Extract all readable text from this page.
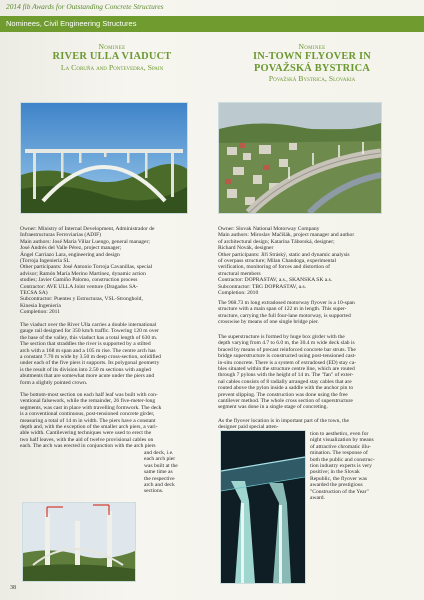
2014 fib Awards for Outstanding Concrete Structures
Nominees, Civil Engineering Structures
Nominee
RIVER ULLA VIADUCT
La Coruña and Pontevedra, Spain
Nominee
IN-TOWN FLYOVER IN
POVAŽSKÁ BYSTRICA
Považská Bystrica, Slovakia

Owner: Ministry of Internal Development, Administrador de
Infraestructuras Ferroviarias (ADIF)
Main authors: José María Villar Luengo, general manager;
José Andrés del Valle Pérez, project manager;
Ángel Carriazo Lara, engineering and design
(Torroja Ingeniería SL
Other participants: José Antonio Torroja Cavanillas, special
advisor; Ramón María Merino Martínez, dynamic action
studies; Javier Gamiño Palomo, construction process
Contractor: AVE ULLA Joint venture (Dragados SA-
TECSA SA)
Subcontractor: Puentes y Estructuras, VSL-Stronghold,
Kinesia Ingeniería
Completion: 2011

The viaduct over the River Ulla carries a double international
gauge rail designed for 350 km/h traffic. Towering 120 m over
the base of the valley, this viaduct has a total length of 630 m.
The section that straddles the river is supported by a stilted
arch with a 168 m span and a 105 m rise. The centre arch has
a constant 7.70 m wide by 3.50 m deep cross-section, solidified
under each of the five piers it supports. Its polygonal geometry
is the result of its division into 2.50 m sections with angled
abutments that are somewhat more acute under the piers and
form a slightly pointed crown.

The bottom-most section on each half leaf was built with con-
ventional falsework, while the remainder, 26 five-meter-long
segments, was cast in place with travelling formwork. The deck
is a conventional continuous, post-tensioned concrete girder,
measuring a total of 14 m in width. The piers have a constant
depth and, with the exception of the smaller arch piers, a vari-
able width. Cantilevering techniques were used to erect the
two half leaves, with the aid of twelve provisional cables on
each. The arch was erected in conjunction with the arch piers

and deck, i.e.
each arch pier
was built at the
same time as
the respective
arch and deck
sections.

Owner: Slovak National Motorway Company
Main authors: Miroslav Mačišák, project manager and author
of architectural design; Katarína Táborská, designer;
Richard Novák, designer
Other participants: Jiří Stráský, static and dynamic analysis
of overpass structure; Milan Chandoga, experimental
verification, monitoring of forces and distortion of
structural members
Contractor: DOPRASTAV, a.s., SKANSKA SK a.s.
Subcontractor: TBG DOPRASTAV, a.s.
Completion: 2010

The 968.73 m long extradosed motorway flyover is a 10-span
structure with a main span of 122 m in length. This super-
structure, carrying the full four-lane motorway, is supported
crosswise by means of one single bridge pier.

The superstructure is formed by huge box girder with the
depth varying from 4.7 to 6.0 m, the 30.4 m wide deck slab is
braced by means of precast reinforced concrete bar struts. The
bridge superstructure is constructed using post-tensioned cast-
in-situ concrete. There is a system of extradosed (ED) stay ca-
bles situated within the structure centre line, which are routed
through 7 pylons with the height of 14 m. The "fan" of exter-
nal cables consists of 8 radially arranged stay cables that are
routed above the pylon inside a saddle with the anchor pin to
prevent slipping. The construction was done using the free
cantilever method. The whole cross section of superstructure
segment was done in a single stage of concreting.

As the flyover location is in important part of the town, the
designer paid special atten-

tion to aesthetics, even for
night visualization by means
of attractive chromatic illu-
mination. The response of
both the public and construc-
tion industry experts is very
positive; in the Slovak
Republic, the flyover was
awarded the prestigious
"Construction of the Year"
award.

38
